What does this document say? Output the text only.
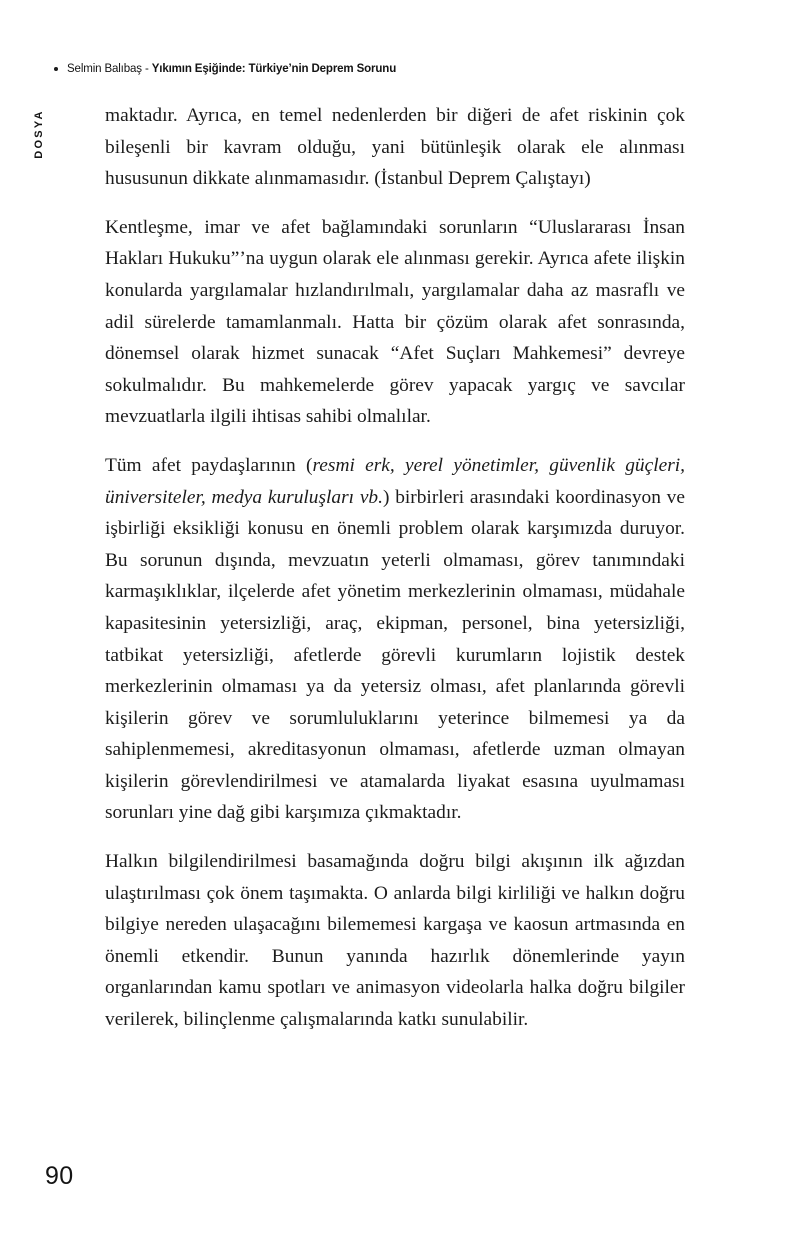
Selmin Balıbaş - Yıkımın Eşiğinde: Türkiye’nin Deprem Sorunu
DOSYA	maktadır. Ayrıca, en temel nedenlerden bir diğeri de afet riskinin çok bileşenli bir kavram olduğu, yani bütünleşik olarak ele alınması hususunun dikkate alınmamasıdır. (İstanbul Deprem Çalıştayı)

Kentleşme, imar ve afet bağlamındaki sorunların “Uluslararası İnsan Hakları Hukuku”’na uygun olarak ele alınması gerekir. Ayrıca afete ilişkin konularda yargılamalar hızlandırılmalı, yargılamalar daha az masraflı ve adil sürelerde tamamlanmalı. Hatta bir çözüm olarak afet sonrasında, dönemsel olarak hizmet sunacak “Afet Suçları Mahkemesi” devreye sokulmalıdır. Bu mahkemelerde görev yapacak yargıç ve savcılar mevzuatlarla ilgili ihtisas sahibi olmalılar.

Tüm afet paydaşlarının (resmi erk, yerel yönetimler, güvenlik güçleri, üniversiteler, medya kuruluşları vb.) birbirleri arasındaki koordinasyon ve işbirliği eksikliği konusu en önemli problem olarak karşımızda duruyor. Bu sorunun dışında, mevzuatın yeterli olmaması, görev tanımındaki karmaşıklıklar, ilçelerde afet yönetim merkezlerinin olmaması, müdahale kapasitesinin yetersizliği, araç, ekipman, personel, bina yetersizliği, tatbikat yetersizliği, afetlerde görevli kurumların lojistik destek merkezlerinin olmaması ya da yetersiz olması, afet planlarında görevli kişilerin görev ve sorumluluklarını yeterince bilmemesi ya da sahiplenmemesi, akreditasyonun olmaması, afetlerde uzman olmayan kişilerin görevlendirilmesi ve atamalarda liyakat esasına uyulmaması sorunları yine dağ gibi karşımıza çıkmaktadır.

Halkın bilgilendirilmesi basamağında doğru bilgi akışının ilk ağızdan ulaştırılması çok önem taşımakta. O anlarda bilgi kirliliği ve halkın doğru bilgiye nereden ulaşacağını bilememesi kargaşa ve kaosun artmasında en önemli etkendir. Bunun yanında hazırlık dönemlerinde yayın organlarından kamu spotları ve animasyon videolarla halka doğru bilgiler verilerek, bilinçlenme çalışmalarında katkı sunulabilir.

90
